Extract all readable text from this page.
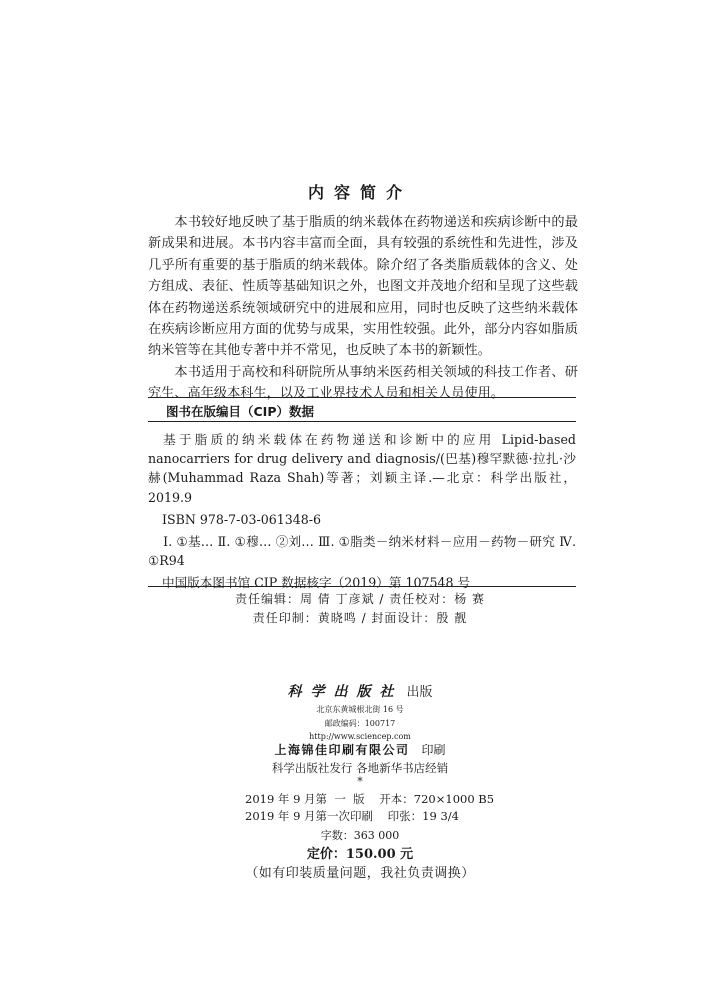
内容简介

本书较好地反映了基于脂质的纳米载体在药物递送和疾病诊断中的最新成果和进展。本书内容丰富而全面，具有较强的系统性和先进性，涉及几乎所有重要的基于脂质的纳米载体。除介绍了各类脂质载体的含义、处方组成、表征、性质等基础知识之外，也图文并茂地介绍和呈现了这些载体在药物递送系统领域研究中的进展和应用，同时也反映了这些纳米载体在疾病诊断应用方面的优势与成果，实用性较强。此外，部分内容如脂质纳米管等在其他专著中并不常见，也反映了本书的新颖性。

本书适用于高校和科研院所从事纳米医药相关领域的科技工作者、研究生、高年级本科生，以及工业界技术人员和相关人员使用。

图书在版编目（CIP）数据

基于脂质的纳米载体在药物递送和诊断中的应用 Lipid-based nanocarriers for drug delivery and diagnosis/(巴基)穆罕默德·拉扎·沙赫(Muhammad Raza Shah)等著；刘颖主译.—北京：科学出版社，2019.9

ISBN 978-7-03-061348-6

Ⅰ. ①基… Ⅱ. ①穆… ②刘… Ⅲ. ①脂类－纳米材料－应用－药物－研究 Ⅳ. ①R94

中国版本图书馆 CIP 数据核字（2019）第 107548 号
责任编辑：周 倩 丁彦斌 / 责任校对：杨 赛
责任印制：黄晓鸣 / 封面设计：殷 靓
科学出版社 出版
北京东黄城根北街 16 号
邮政编码：100717
http://www.sciencep.com
上海锦佳印刷有限公司 印刷
科学出版社发行 各地新华书店经销
*
2019 年 9 月第  一  版    开本：720×1000 B5
2019 年 9 月第一次印刷    印张：19 3/4
字数：363 000
定价：150.00 元
（如有印装质量问题，我社负责调换）
